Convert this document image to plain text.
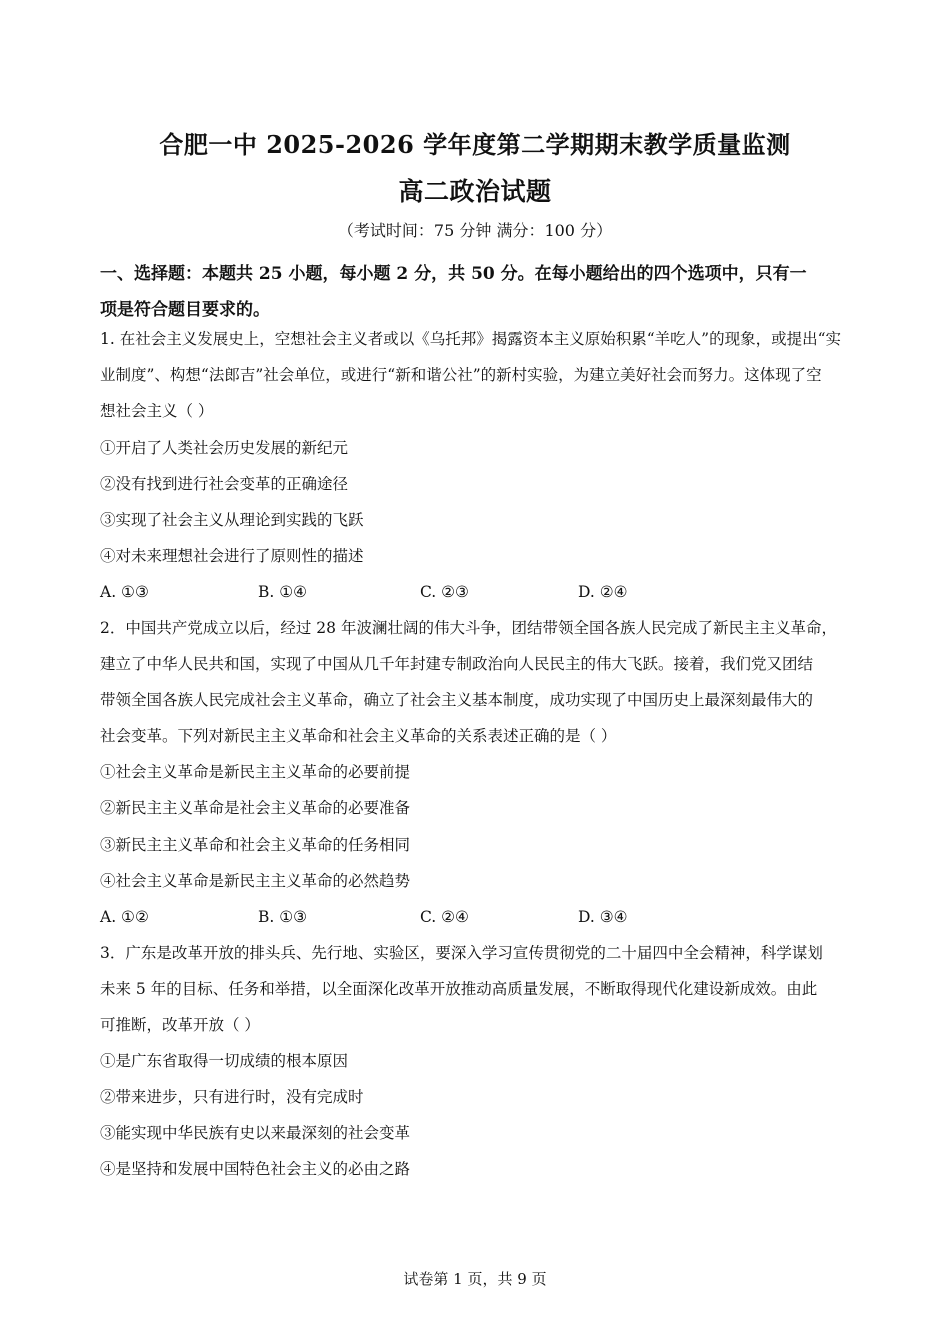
合肥一中 2025-2026 学年度第二学期期末教学质量监测
高二政治试题
（考试时间：75 分钟 满分：100 分）
一、选择题：本题共 25 小题，每小题 2 分，共 50 分。在每小题给出的四个选项中，只有一
项是符合题目要求的。
1. 在社会主义发展史上，空想社会主义者或以《乌托邦》揭露资本主义原始积累“羊吃人”的现象，或提出“实
业制度”、构想“法郎吉”社会单位，或进行“新和谐公社”的新村实验，为建立美好社会而努力。这体现了空
想社会主义（ ）
①开启了人类社会历史发展的新纪元
②没有找到进行社会变革的正确途径
③实现了社会主义从理论到实践的飞跃
④对未来理想社会进行了原则性的描述
A. ①③	B. ①④	C. ②③	D. ②④
2．中国共产党成立以后，经过 28 年波澜壮阔的伟大斗争，团结带领全国各族人民完成了新民主主义革命，
建立了中华人民共和国，实现了中国从几千年封建专制政治向人民民主的伟大飞跃。接着，我们党又团结
带领全国各族人民完成社会主义革命，确立了社会主义基本制度，成功实现了中国历史上最深刻最伟大的
社会变革。下列对新民主主义革命和社会主义革命的关系表述正确的是（ ）
①社会主义革命是新民主主义革命的必要前提
②新民主主义革命是社会主义革命的必要准备
③新民主主义革命和社会主义革命的任务相同
④社会主义革命是新民主主义革命的必然趋势
A. ①②	B. ①③	C. ②④	D. ③④
3．广东是改革开放的排头兵、先行地、实验区，要深入学习宣传贯彻党的二十届四中全会精神，科学谋划
未来 5 年的目标、任务和举措，以全面深化改革开放推动高质量发展，不断取得现代化建设新成效。由此
可推断，改革开放（ ）
①是广东省取得一切成绩的根本原因
②带来进步，只有进行时，没有完成时
③能实现中华民族有史以来最深刻的社会变革
④是坚持和发展中国特色社会主义的必由之路
试卷第 1 页，共 9 页
